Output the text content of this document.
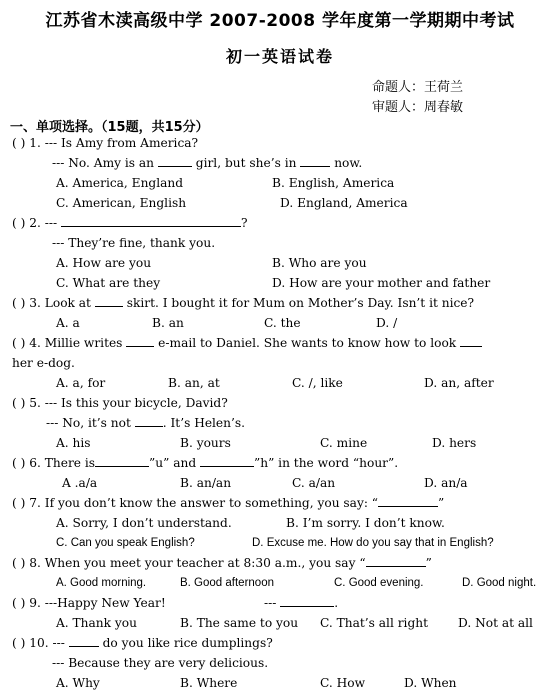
江苏省木渎高级中学 2007-2008 学年度第一学期期中考试
初一英语试卷
命题人：王荷兰
审题人：周春敏
一、单项选择。（15题，共15分）
( ) 1. --- Is Amy from America?
--- No. Amy is an	girl, but she’s in  now.
A. America, England	B. English, America
C. American, English	D. England, America
( ) 2. ---	?
--- They’re fine, thank you.
A. How are you	B. Who are you
C. What are they	D. How are your mother and father
( ) 3. Look at  skirt. I bought it for Mum on Mother’s Day. Isn’t it nice?
A. a	B. an	C. the	D. /
( ) 4. Millie writes  e-mail to Daniel. She wants to know how to look
her e-dog.
A. a, for	B. an, at	C. /, like	D. an, after
( ) 5. --- Is this your bicycle, David?
--- No, it’s not . It’s Helen’s.
A. his	B. yours	C. mine	D. hers
( ) 6. There is	”u” and	”h” in the word “hour”.
A .a/a	B. an/an	C. a/an	D. an/a
( ) 7. If you don’t know the answer to something, you say: “	”
A. Sorry, I don’t understand.	B. I’m sorry. I don’t know.
C. Can you speak English?	D. Excuse me. How do you say that in English?
( ) 8. When you meet your teacher at 8:30 a.m., you say “	”
A. Good morning.	B. Good afternoon	C. Good evening.	D. Good night.
( ) 9. ---Happy New Year!	---	.
A. Thank you	B. The same to you C. That’s all right D. Not at all
( ) 10. ---  do you like rice dumplings?
--- Because they are very delicious.
A. Why	B. Where	C. How	D. When
